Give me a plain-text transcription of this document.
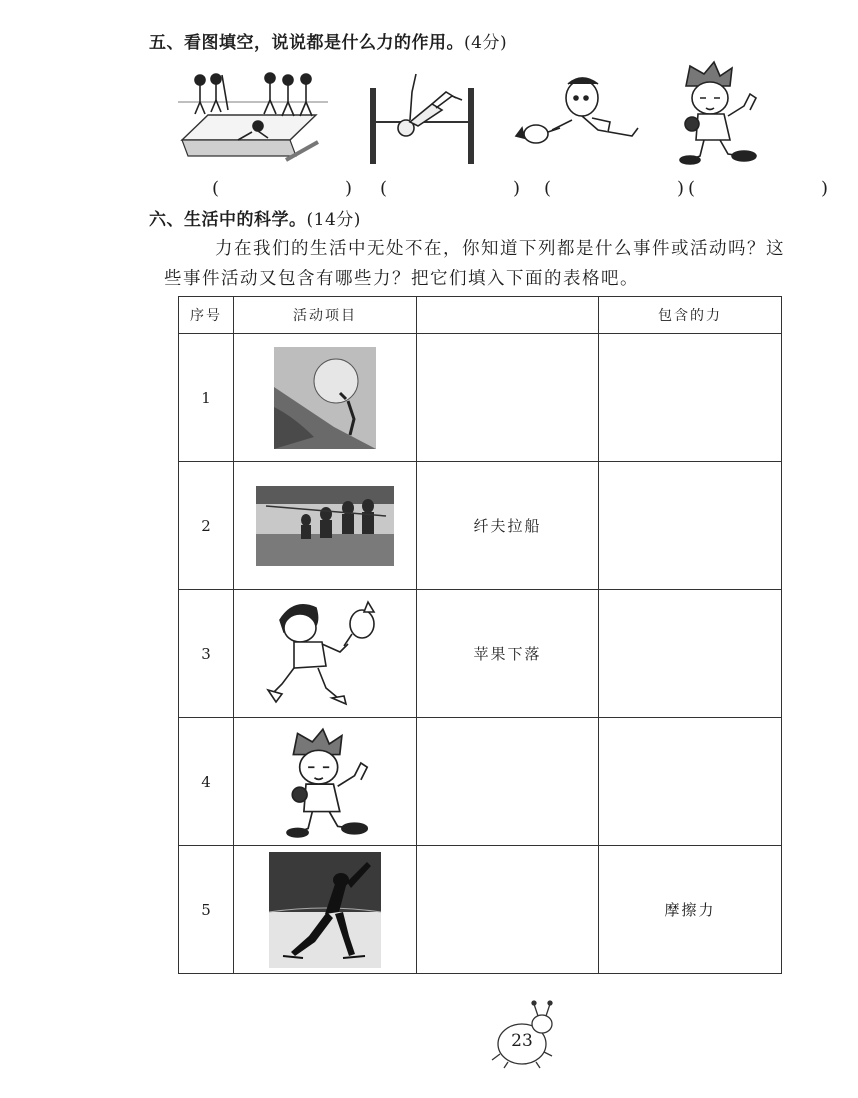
五、看图填空，说说都是什么力的作用。(4分)
(　　)
(　　)
(　　)
(　　)
六、生活中的科学。(14分)
力在我们的生活中无处不在，你知道下列都是什么事件或活动吗？这
些事件活动又包含有哪些力？把它们填入下面的表格吧。
序号	活动项目		包含的力
1	

2		纤夫拉船	
3		苹果下落	
4	

5			摩擦力
23
